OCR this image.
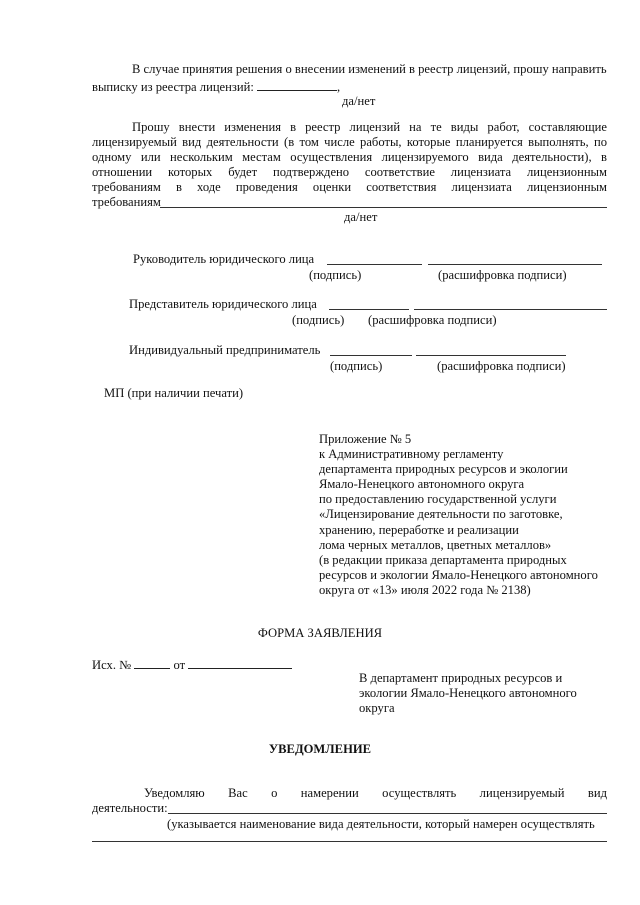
В случае принятия решения о внесении изменений в реестр лицензий, прошу направить
выписку из реестра лицензий:	,
да/нет
Прошу внести изменения в реестр лицензий на те виды работ, составляющие
лицензируемый вид деятельности (в том числе работы, которые планируется выполнять, по
одному или нескольким местам осуществления лицензируемого вида деятельности), в
отношении которых будет подтверждено соответствие лицензиата лицензионным
требованиям в ходе проведения оценки соответствия лицензиата лицензионным
требованиям
да/нет
Руководитель юридического лица
(подпись)	(расшифровка подписи)
Представитель юридического лица
(подпись) (расшифровка подписи)
Индивидуальный предприниматель
(подпись)	(расшифровка подписи)
МП (при наличии печати)
Приложение № 5
к Административному регламенту
департамента природных ресурсов и экологии
Ямало-Ненецкого автономного округа
по предоставлению государственной услуги
«Лицензирование деятельности по заготовке,
хранению, переработке и реализации
лома черных металлов, цветных металлов»
(в редакции приказа департамента природных
ресурсов и экологии Ямало-Ненецкого автономного
округа от «13» июля 2022 года № 2138)
ФОРМА ЗАЯВЛЕНИЯ
Исх. №	от
В департамент природных ресурсов и
экологии Ямало-Ненецкого автономного
округа
УВЕДОМЛЕНИЕ
Уведомляю Вас о намерении осуществлять лицензируемый вид
деятельности:
(указывается наименование вида деятельности, который намерен осуществлять
